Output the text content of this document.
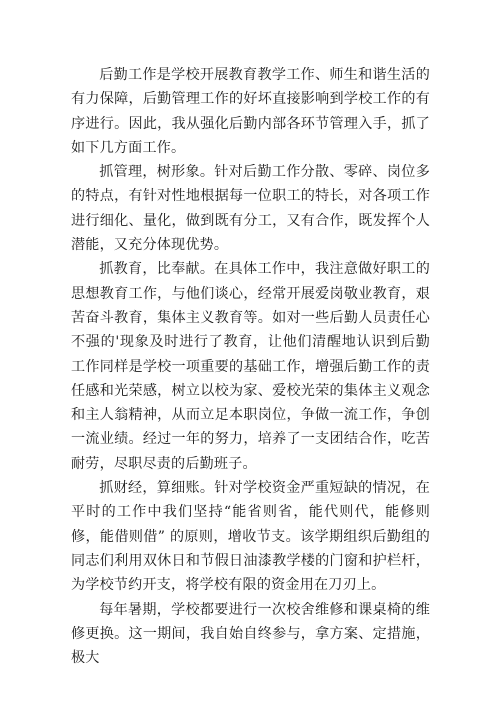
后勤工作是学校开展教育教学工作、师生和谐生活的有力保障，后勤管理工作的好坏直接影响到学校工作的有序进行。因此，我从强化后勤内部各环节管理入手，抓了如下几方面工作。

抓管理，树形象。针对后勤工作分散、零碎、岗位多的特点，有针对性地根据每一位职工的特长，对各项工作进行细化、量化，做到既有分工，又有合作，既发挥个人潜能，又充分体现优势。

抓教育，比奉献。在具体工作中，我注意做好职工的思想教育工作，与他们谈心，经常开展爱岗敬业教育，艰苦奋斗教育，集体主义教育等。如对一些后勤人员责任心不强的'现象及时进行了教育，让他们清醒地认识到后勤工作同样是学校一项重要的基础工作，增强后勤工作的责任感和光荣感，树立以校为家、爱校光荣的集体主义观念和主人翁精神，从而立足本职岗位，争做一流工作，争创一流业绩。经过一年的努力，培养了一支团结合作，吃苦耐劳，尽职尽责的后勤班子。

抓财经，算细账。针对学校资金严重短缺的情况，在平时的工作中我们坚持“能省则省，能代则代，能修则修，能借则借” 的原则，增收节支。该学期组织后勤组的同志们利用双休日和节假日油漆教学楼的门窗和护栏杆，为学校节约开支，将学校有限的资金用在刀刃上。

每年暑期，学校都要进行一次校舍维修和课桌椅的维修更换。这一期间，我自始自终参与，拿方案、定措施，极大
